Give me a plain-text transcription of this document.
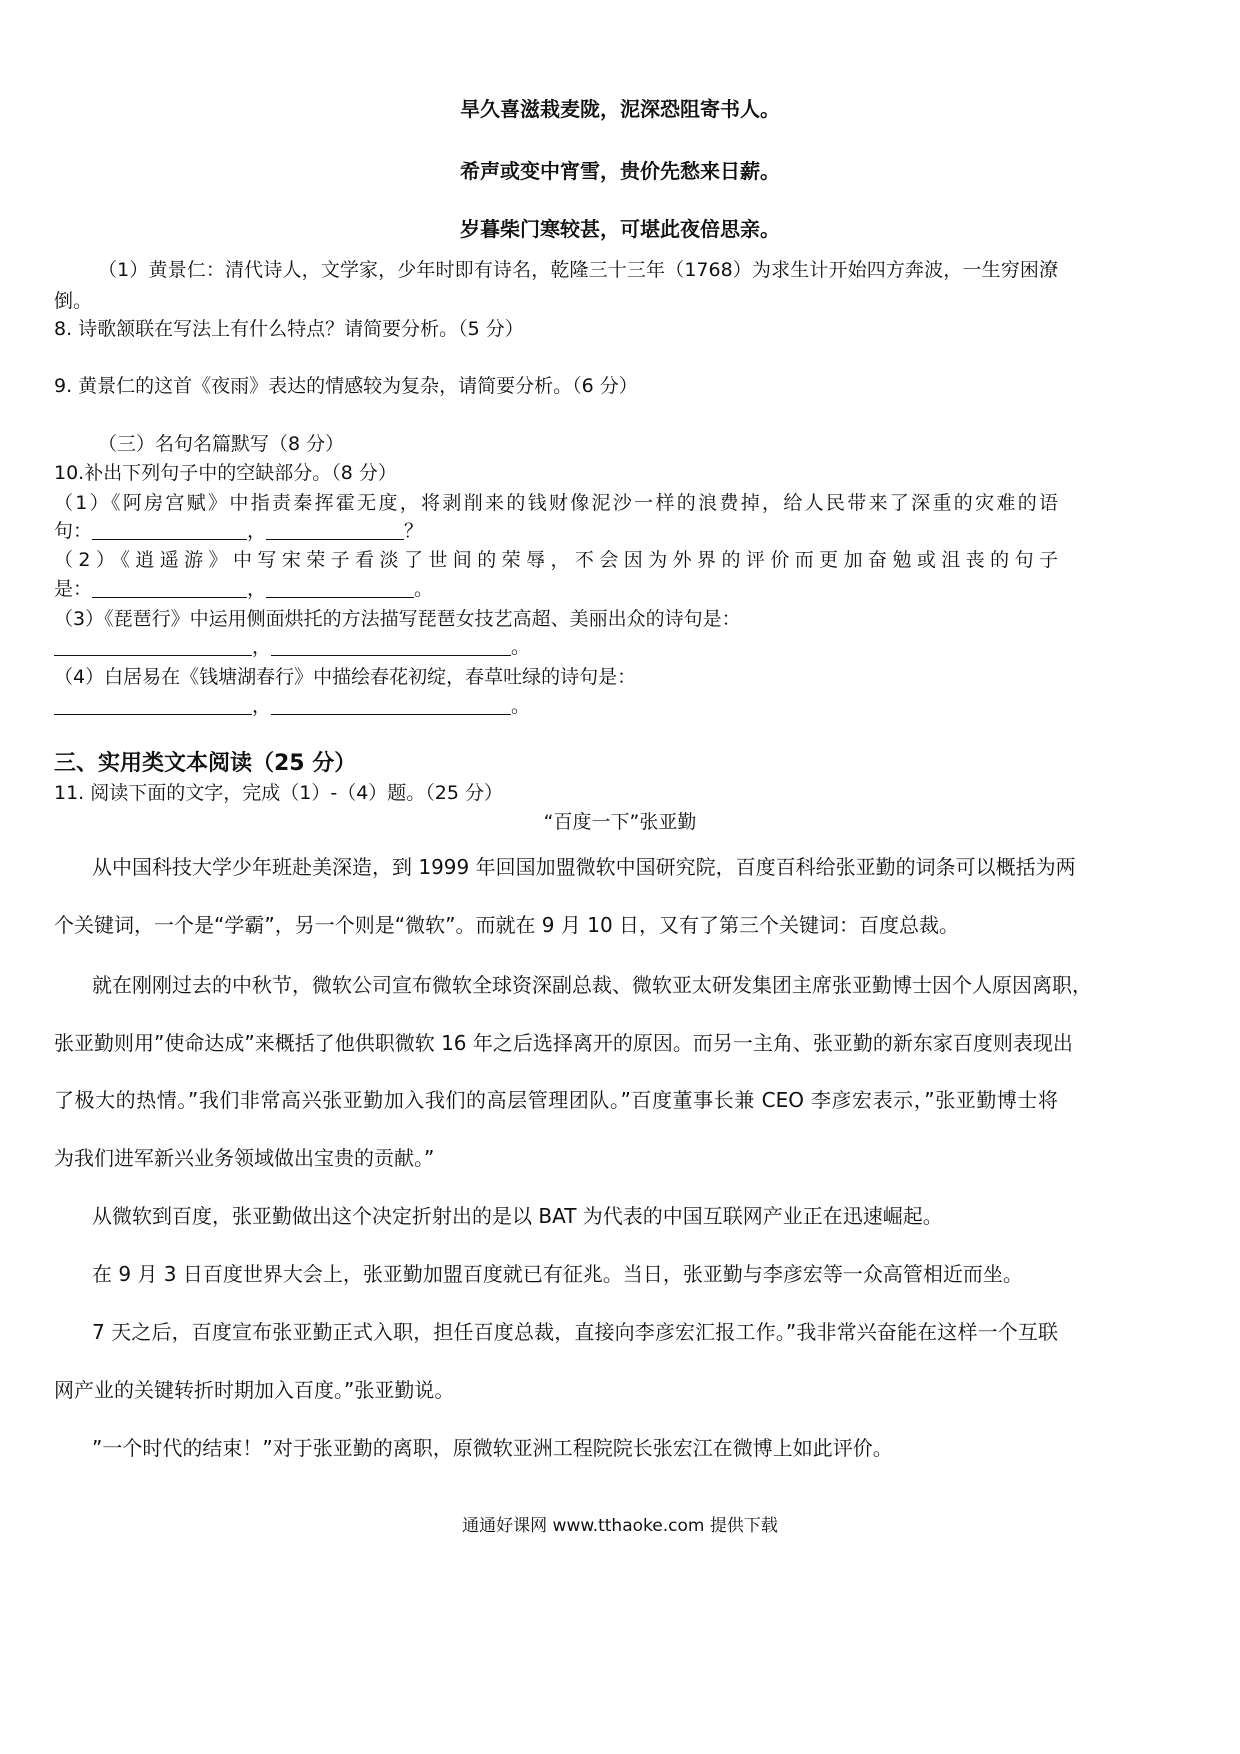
旱久喜滋栽麦陇，泥深恐阻寄书人。
希声或变中宵雪，贵价先愁来日薪。
岁暮柴门寒较甚，可堪此夜倍思亲。
（1）黄景仁：清代诗人，文学家，少年时即有诗名，乾隆三十三年（1768）为求生计开始四方奔波，一生穷困潦
倒。
8. 诗歌颔联在写法上有什么特点？请简要分析。（5 分）
9. 黄景仁的这首《夜雨》表达的情感较为复杂，请简要分析。（6 分）
（三）名句名篇默写（8 分）
10.补出下列句子中的空缺部分。（8 分）
（1）《阿房宫赋》中指责秦挥霍无度，将剥削来的钱财像泥沙一样的浪费掉，给人民带来了深重的灾难的语
句：	，	？
（2）《逍遥游》中写宋荣子看淡了世间的荣辱，不会因为外界的评价而更加奋勉或沮丧的句子
是：	，	。
（3）《琵琶行》中运用侧面烘托的方法描写琵琶女技艺高超、美丽出众的诗句是：
，	。
（4）白居易在《钱塘湖春行》中描绘春花初绽，春草吐绿的诗句是：
，	。
三、实用类文本阅读（25 分）
11. 阅读下面的文字，完成（1）-（4）题。（25 分）
“百度一下”张亚勤
从中国科技大学少年班赴美深造，到 1999 年回国加盟微软中国研究院，百度百科给张亚勤的词条可以概括为两
个关键词，一个是“学霸”，另一个则是“微软”。而就在 9 月 10 日，又有了第三个关键词：百度总裁。
就在刚刚过去的中秋节，微软公司宣布微软全球资深副总裁、微软亚太研发集团主席张亚勤博士因个人原因离职，
张亚勤则用”使命达成”来概括了他供职微软 16 年之后选择离开的原因。而另一主角、张亚勤的新东家百度则表现出
了极大的热情。”我们非常高兴张亚勤加入我们的高层管理团队。”百度董事长兼 CEO 李彦宏表示，”张亚勤博士将
为我们进军新兴业务领域做出宝贵的贡献。”
从微软到百度，张亚勤做出这个决定折射出的是以 BAT 为代表的中国互联网产业正在迅速崛起。
在 9 月 3 日百度世界大会上，张亚勤加盟百度就已有征兆。当日，张亚勤与李彦宏等一众高管相近而坐。
7 天之后，百度宣布张亚勤正式入职，担任百度总裁，直接向李彦宏汇报工作。”我非常兴奋能在这样一个互联
网产业的关键转折时期加入百度。”张亚勤说。
”一个时代的结束！”对于张亚勤的离职，原微软亚洲工程院院长张宏江在微博上如此评价。
通通好课网 www.tthaoke.com 提供下载
